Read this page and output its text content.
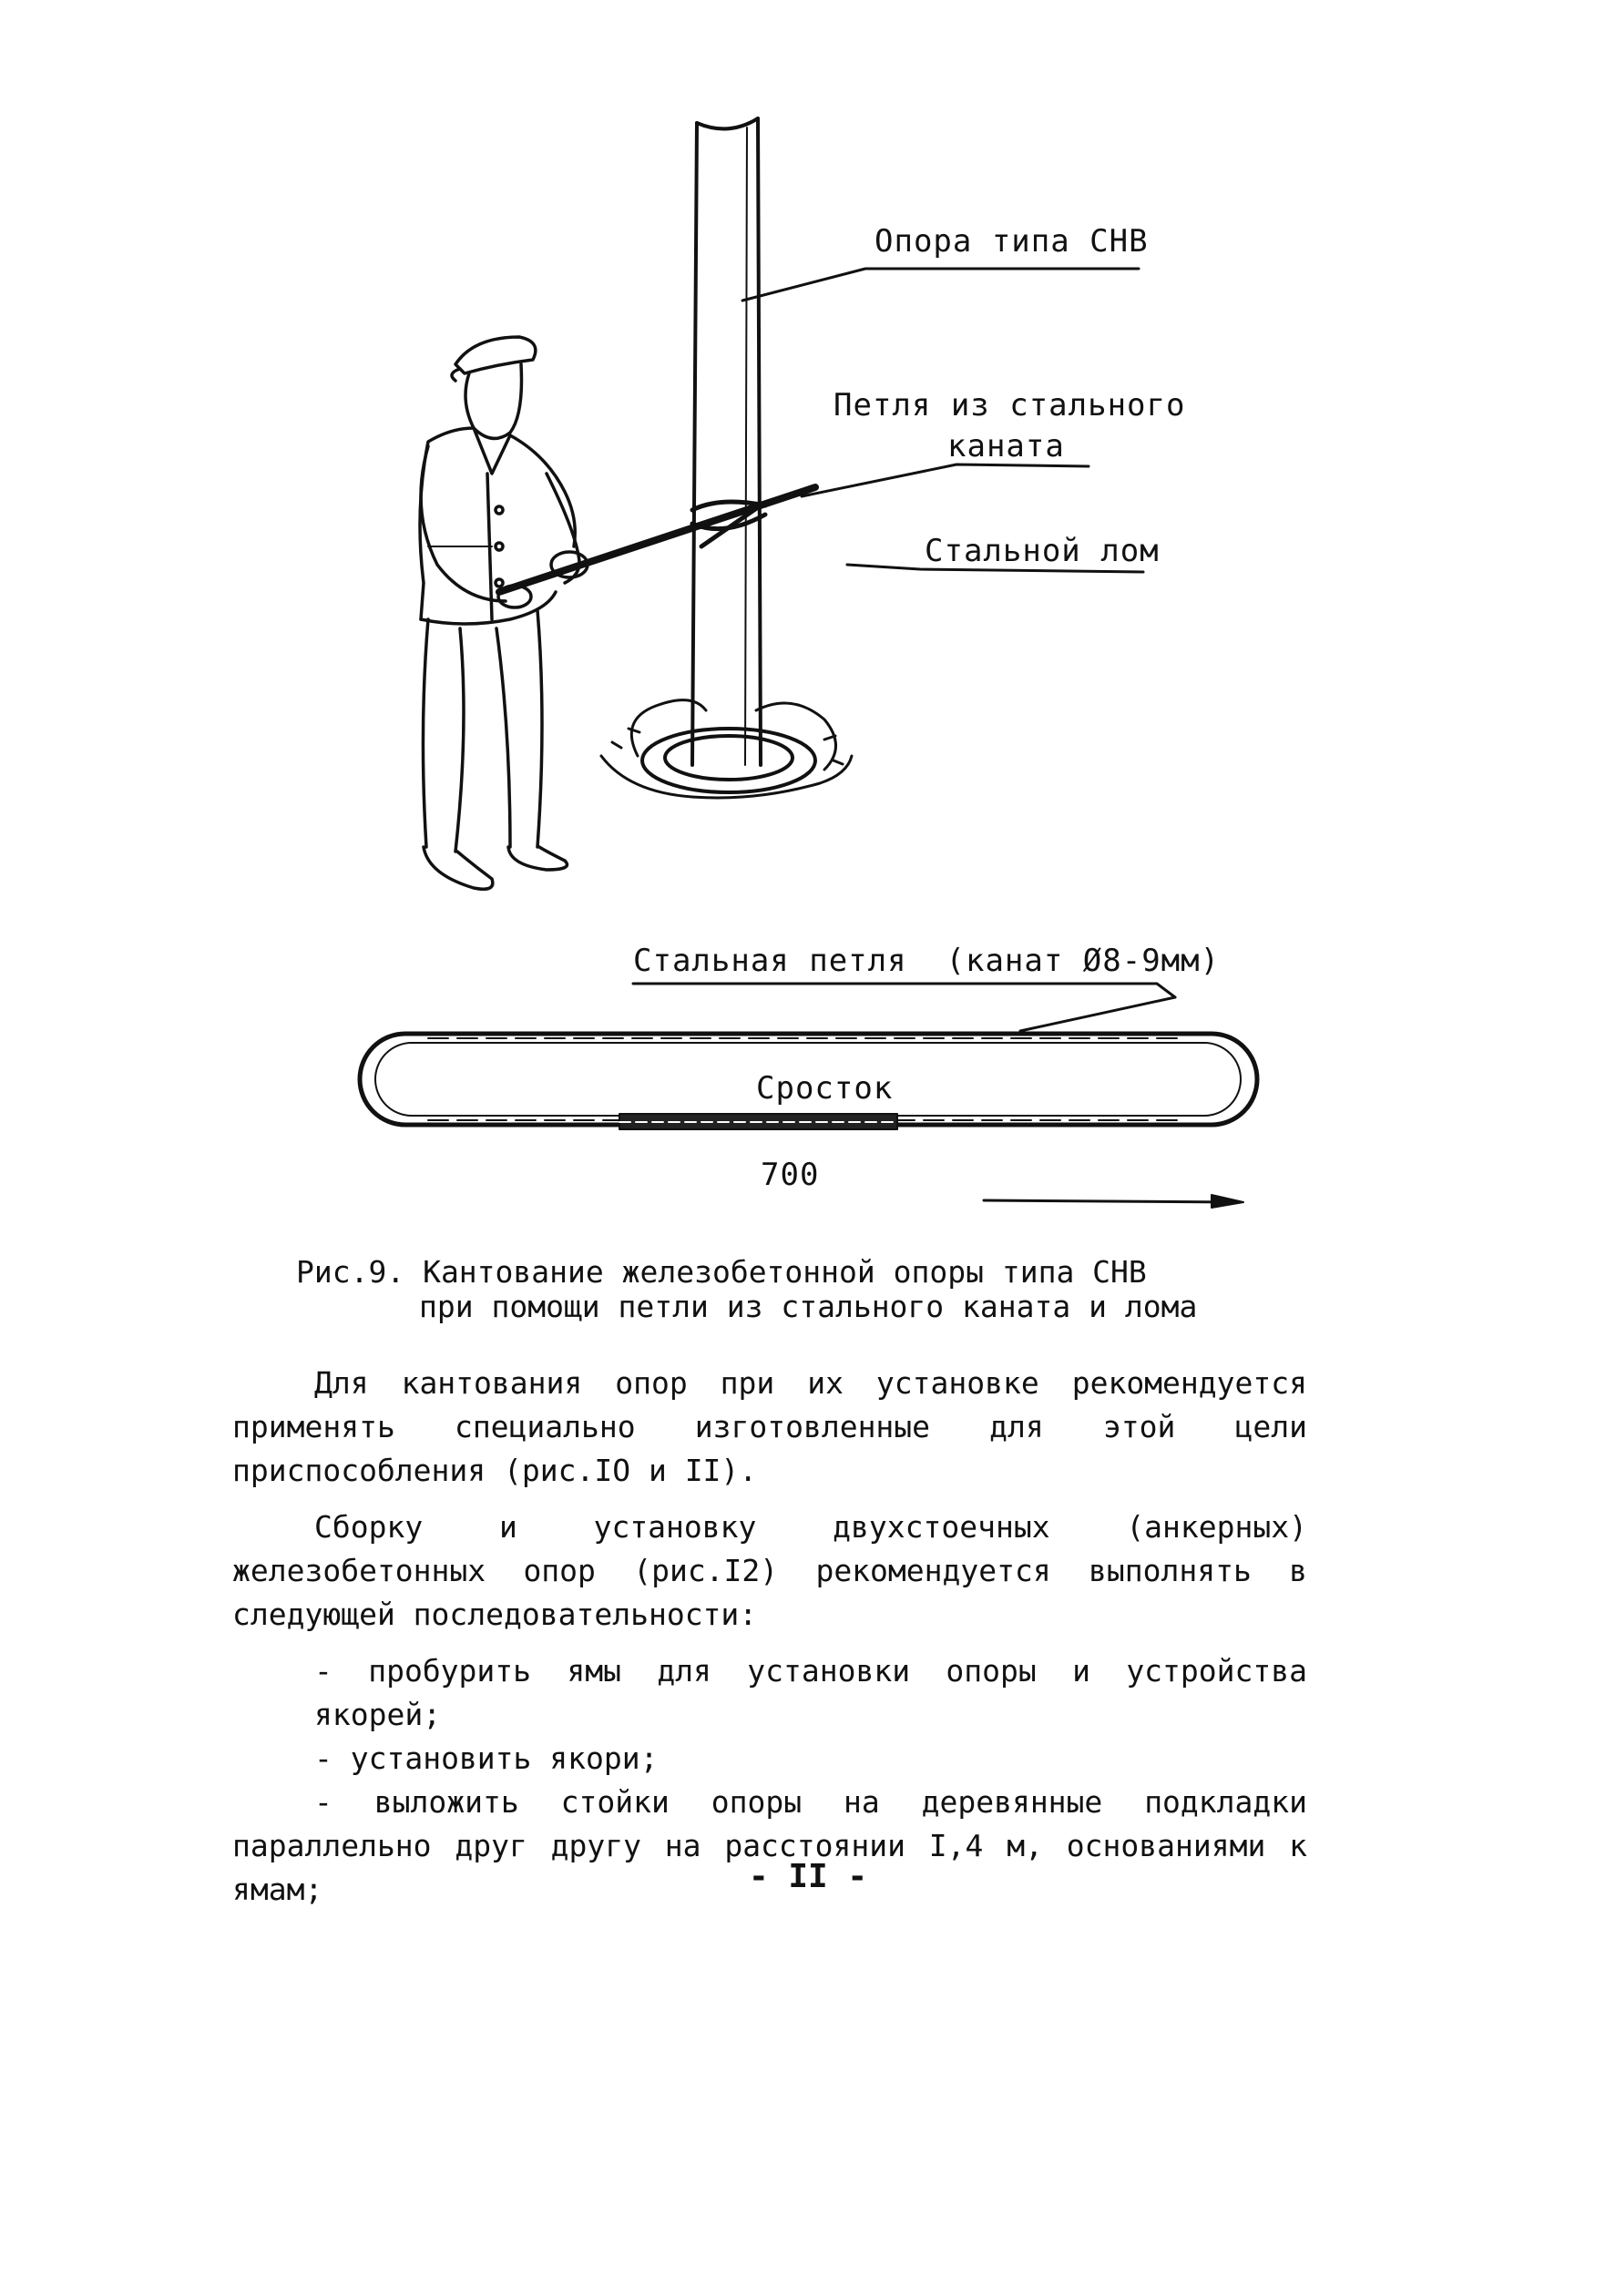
Опора типа СНВ
Петля из стального
каната
Стальной лом
Стальная петля  (канат Ø8-9мм)
Сросток
700
Рис.9. Кантование железобетонной опоры типа СНВ
при помощи петли из стального каната и лома

Для кантования опор при их установке рекомендуется применять специально изготовленные для этой цели приспособления (рис.IO и II).

Сборку и установку двухстоечных (анкерных) железобетонных опор (рис.I2) рекомендуется выполнять в следующей последовательности:

- пробурить ямы для установки опоры и устройства якорей;

- установить якори;

- выложить стойки опоры на деревянные подкладки параллельно друг другу на расстоянии I,4 м, основаниями к ямам;	- II -
